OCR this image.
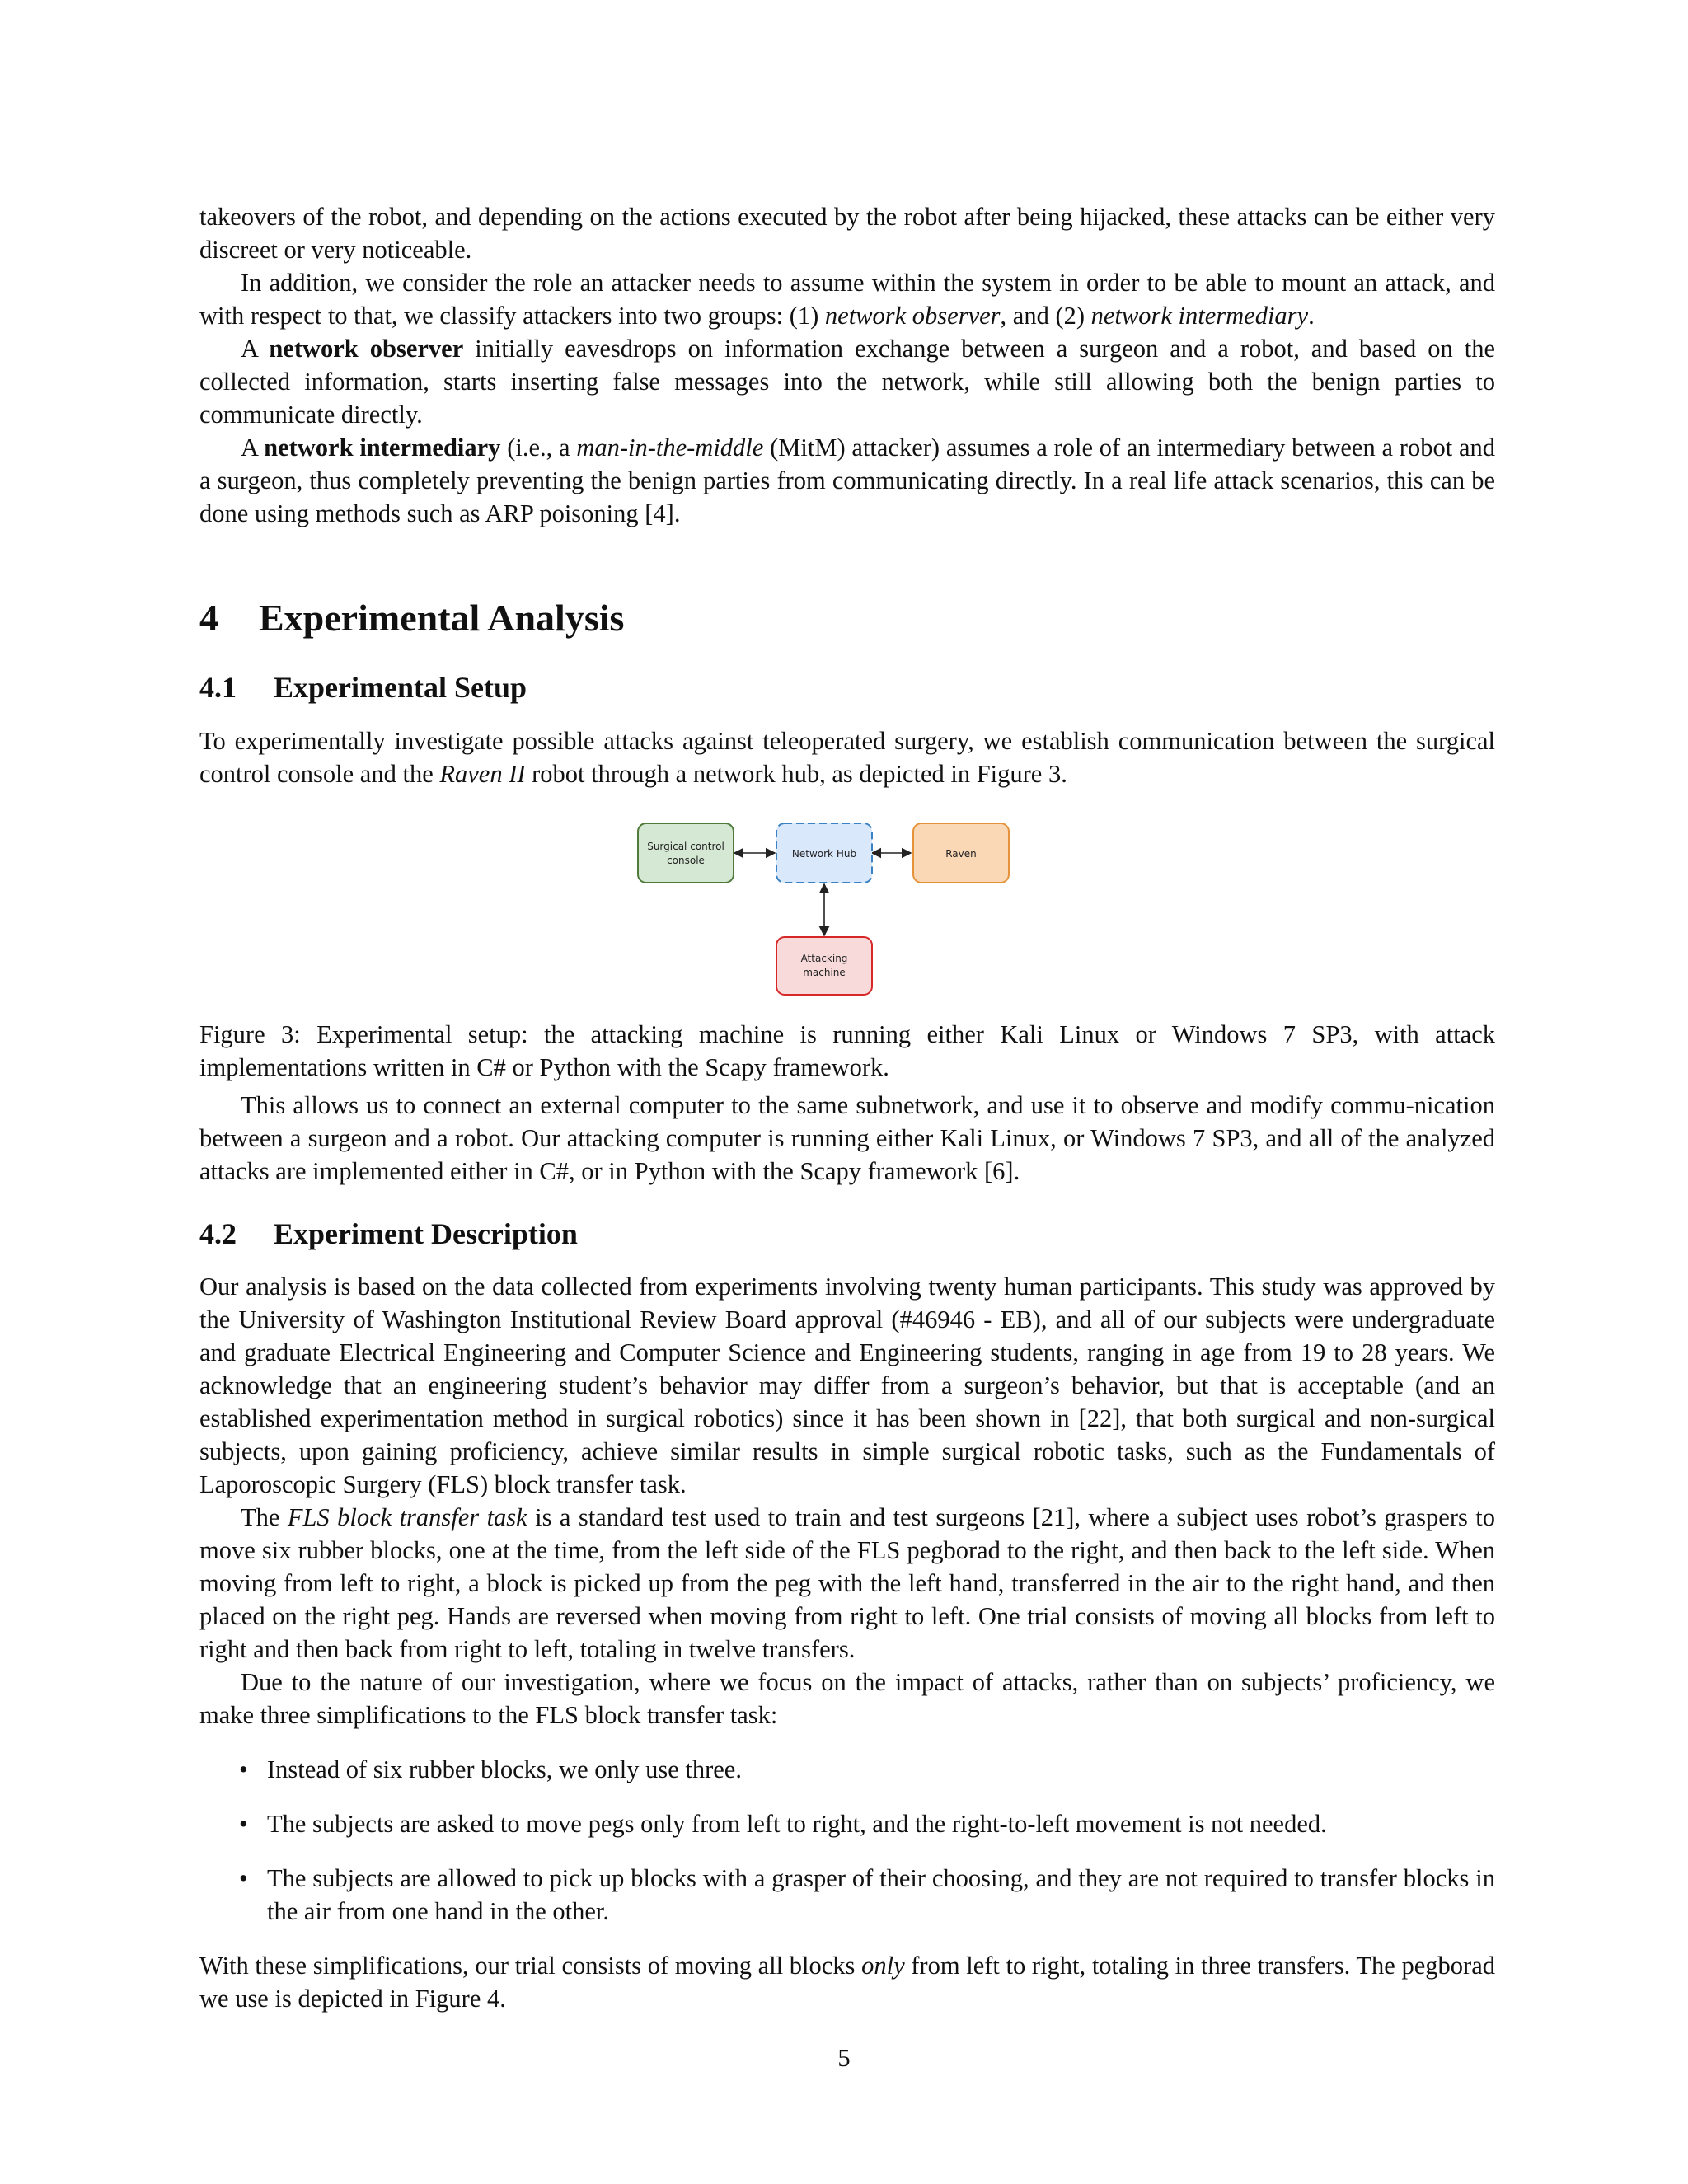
takeovers of the robot, and depending on the actions executed by the robot after being hijacked, these attacks can be either very discreet or very noticeable.

In addition, we consider the role an attacker needs to assume within the system in order to be able to mount an attack, and with respect to that, we classify attackers into two groups: (1) network observer, and (2) network intermediary.

A network observer initially eavesdrops on information exchange between a surgeon and a robot, and based on the collected information, starts inserting false messages into the network, while still allowing both the benign parties to communicate directly.

A network intermediary (i.e., a man-in-the-middle (MitM) attacker) assumes a role of an intermediary between a robot and a surgeon, thus completely preventing the benign parties from communicating directly. In a real life attack scenarios, this can be done using methods such as ARP poisoning [4].

4 Experimental Analysis
4.1 Experimental Setup

To experimentally investigate possible attacks against teleoperated surgery, we establish communication between the surgical control console and the Raven II robot through a network hub, as depicted in Figure 3.

Surgical control
console
Network Hub	Raven
Attacking
machine

Figure 3: Experimental setup: the attacking machine is running either Kali Linux or Windows 7 SP3, with attack implementations written in C# or Python with the Scapy framework.

This allows us to connect an external computer to the same subnetwork, and use it to observe and modify commu-nication between a surgeon and a robot. Our attacking computer is running either Kali Linux, or Windows 7 SP3, and all of the analyzed attacks are implemented either in C#, or in Python with the Scapy framework [6].

4.2 Experiment Description

Our analysis is based on the data collected from experiments involving twenty human participants. This study was approved by the University of Washington Institutional Review Board approval (#46946 - EB), and all of our subjects were undergraduate and graduate Electrical Engineering and Computer Science and Engineering students, ranging in age from 19 to 28 years. We acknowledge that an engineering student’s behavior may differ from a surgeon’s behavior, but that is acceptable (and an established experimentation method in surgical robotics) since it has been shown in [22], that both surgical and non-surgical subjects, upon gaining proficiency, achieve similar results in simple surgical robotic tasks, such as the Fundamentals of Laporoscopic Surgery (FLS) block transfer task.

The FLS block transfer task is a standard test used to train and test surgeons [21], where a subject uses robot’s graspers to move six rubber blocks, one at the time, from the left side of the FLS pegborad to the right, and then back to the left side. When moving from left to right, a block is picked up from the peg with the left hand, transferred in the air to the right hand, and then placed on the right peg. Hands are reversed when moving from right to left. One trial consists of moving all blocks from left to right and then back from right to left, totaling in twelve transfers.

Due to the nature of our investigation, where we focus on the impact of attacks, rather than on subjects’ proficiency, we make three simplifications to the FLS block transfer task:

• Instead of six rubber blocks, we only use three.
• The subjects are asked to move pegs only from left to right, and the right-to-left movement is not needed.
• The subjects are allowed to pick up blocks with a grasper of their choosing, and they are not required to transfer blocks in the air from one hand in the other.

With these simplifications, our trial consists of moving all blocks only from left to right, totaling in three transfers. The pegborad we use is depicted in Figure 4.

5
